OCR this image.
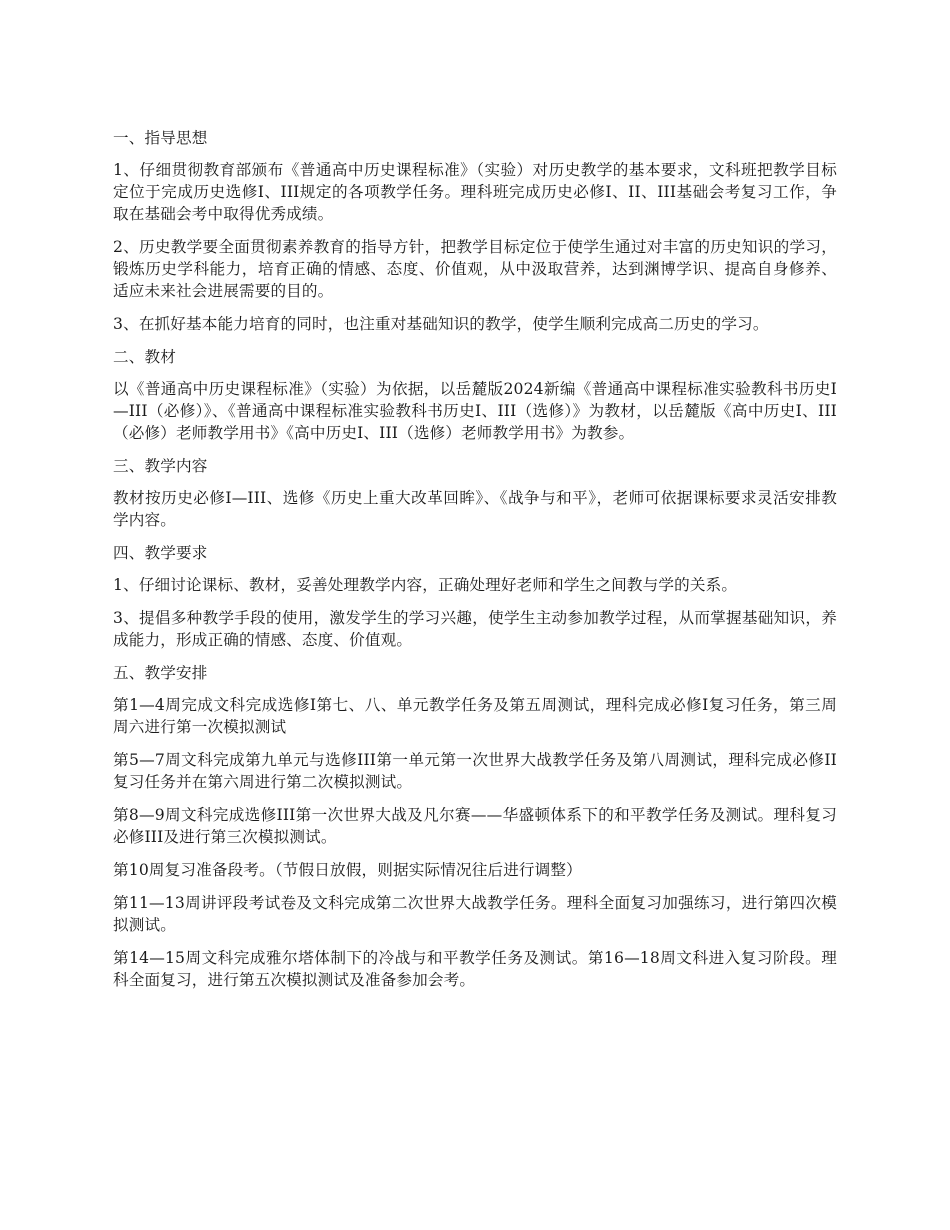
一、指导思想

1、仔细贯彻教育部颁布《普通高中历史课程标准》（实验）对历史教学的基本要求，文科班把教学目标定位于完成历史选修I、III规定的各项教学任务。理科班完成历史必修I、II、III基础会考复习工作，争取在基础会考中取得优秀成绩。

2、历史教学要全面贯彻素养教育的指导方针，把教学目标定位于使学生通过对丰富的历史知识的学习，锻炼历史学科能力，培育正确的情感、态度、价值观，从中汲取营养，达到渊博学识、提高自身修养、适应未来社会进展需要的目的。

3、在抓好基本能力培育的同时，也注重对基础知识的教学，使学生顺利完成高二历史的学习。

二、教材

以《普通高中历史课程标准》（实验）为依据，以岳麓版2024新编《普通高中课程标准实验教科书历史I—III（必修）》、《普通高中课程标准实验教科书历史I、III（选修）》为教材，以岳麓版《高中历史I、III（必修）老师教学用书》《高中历史I、III（选修）老师教学用书》为教参。

三、教学内容

教材按历史必修I—III、选修《历史上重大改革回眸》、《战争与和平》，老师可依据课标要求灵活安排教学内容。

四、教学要求

1、仔细讨论课标、教材，妥善处理教学内容，正确处理好老师和学生之间教与学的关系。

3、提倡多种教学手段的使用，激发学生的学习兴趣，使学生主动参加教学过程，从而掌握基础知识，养成能力，形成正确的情感、态度、价值观。

五、教学安排

第1—4周完成文科完成选修I第七、八、单元教学任务及第五周测试，理科完成必修I复习任务，第三周周六进行第一次模拟测试

第5—7周文科完成第九单元与选修III第一单元第一次世界大战教学任务及第八周测试，理科完成必修II复习任务并在第六周进行第二次模拟测试。

第8—9周文科完成选修III第一次世界大战及凡尔赛——华盛顿体系下的和平教学任务及测试。理科复习必修III及进行第三次模拟测试。

第10周复习准备段考。（节假日放假，则据实际情况往后进行调整）

第11—13周讲评段考试卷及文科完成第二次世界大战教学任务。理科全面复习加强练习，进行第四次模拟测试。

第14—15周文科完成雅尔塔体制下的冷战与和平教学任务及测试。第16—18周文科进入复习阶段。理科全面复习，进行第五次模拟测试及准备参加会考。
